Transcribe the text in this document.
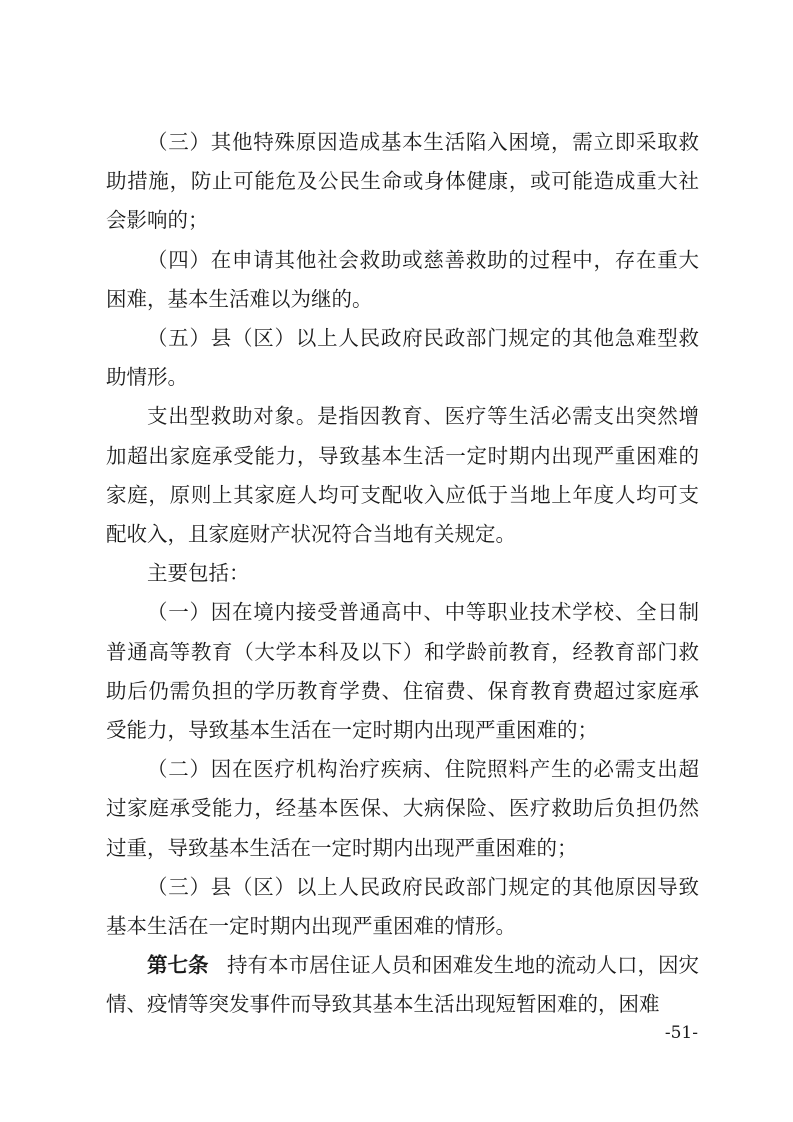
（三）其他特殊原因造成基本生活陷入困境，需立即采取救助措施，防止可能危及公民生命或身体健康，或可能造成重大社会影响的；

（四）在申请其他社会救助或慈善救助的过程中，存在重大困难，基本生活难以为继的。

（五）县（区）以上人民政府民政部门规定的其他急难型救助情形。

支出型救助对象。是指因教育、医疗等生活必需支出突然增加超出家庭承受能力，导致基本生活一定时期内出现严重困难的家庭，原则上其家庭人均可支配收入应低于当地上年度人均可支配收入，且家庭财产状况符合当地有关规定。

主要包括：

（一）因在境内接受普通高中、中等职业技术学校、全日制普通高等教育（大学本科及以下）和学龄前教育，经教育部门救助后仍需负担的学历教育学费、住宿费、保育教育费超过家庭承受能力，导致基本生活在一定时期内出现严重困难的；

（二）因在医疗机构治疗疾病、住院照料产生的必需支出超过家庭承受能力，经基本医保、大病保险、医疗救助后负担仍然过重，导致基本生活在一定时期内出现严重困难的；

（三）县（区）以上人民政府民政部门规定的其他原因导致基本生活在一定时期内出现严重困难的情形。

第七条 持有本市居住证人员和困难发生地的流动人口，因灾情、疫情等突发事件而导致其基本生活出现短暂困难的，困难

-51-
